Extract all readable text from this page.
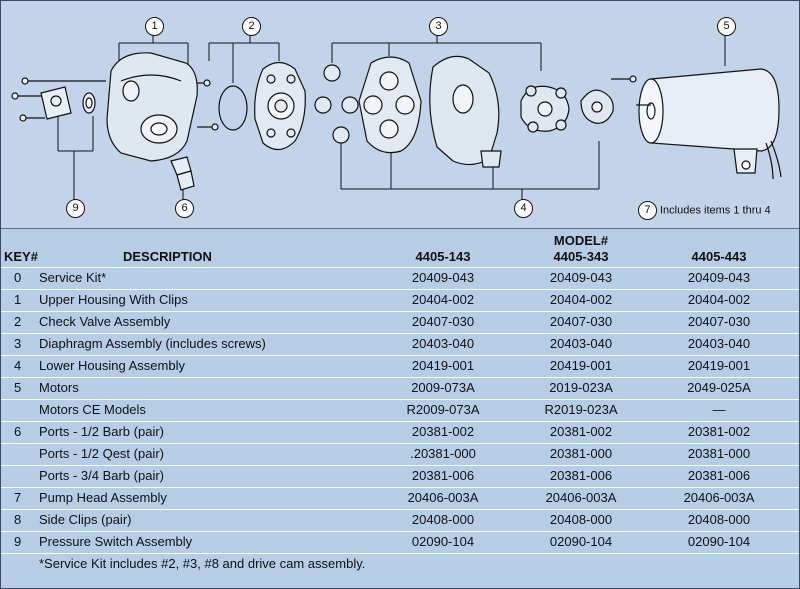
1	2	3	5
9	6	4	7 Includes items 1 thru 4
MODEL#
KEY#	DESCRIPTION	4405-143	4405-343	4405-443
0 Service Kit*	20409-043	20409-043	20409-043
1 Upper Housing With Clips	20404-002	20404-002	20404-002
2 Check Valve Assembly	20407-030	20407-030	20407-030
3 Diaphragm Assembly (includes screws)	20403-040	20403-040	20403-040
4 Lower Housing Assembly	20419-001	20419-001	20419-001
5 Motors	2009-073A	2019-023A	2049-025A
Motors CE Models	R2009-073A	R2019-023A	—
6 Ports - 1/2 Barb (pair)	20381-002	20381-002	20381-002
Ports - 1/2 Qest (pair)	.20381-000	20381-000	20381-000
Ports - 3/4 Barb (pair)	20381-006	20381-006	20381-006
7 Pump Head Assembly	20406-003A	20406-003A	20406-003A
8 Side Clips (pair)	20408-000	20408-000	20408-000
9 Pressure Switch Assembly	02090-104	02090-104	02090-104
*Service Kit includes #2, #3, #8 and drive cam assembly.
